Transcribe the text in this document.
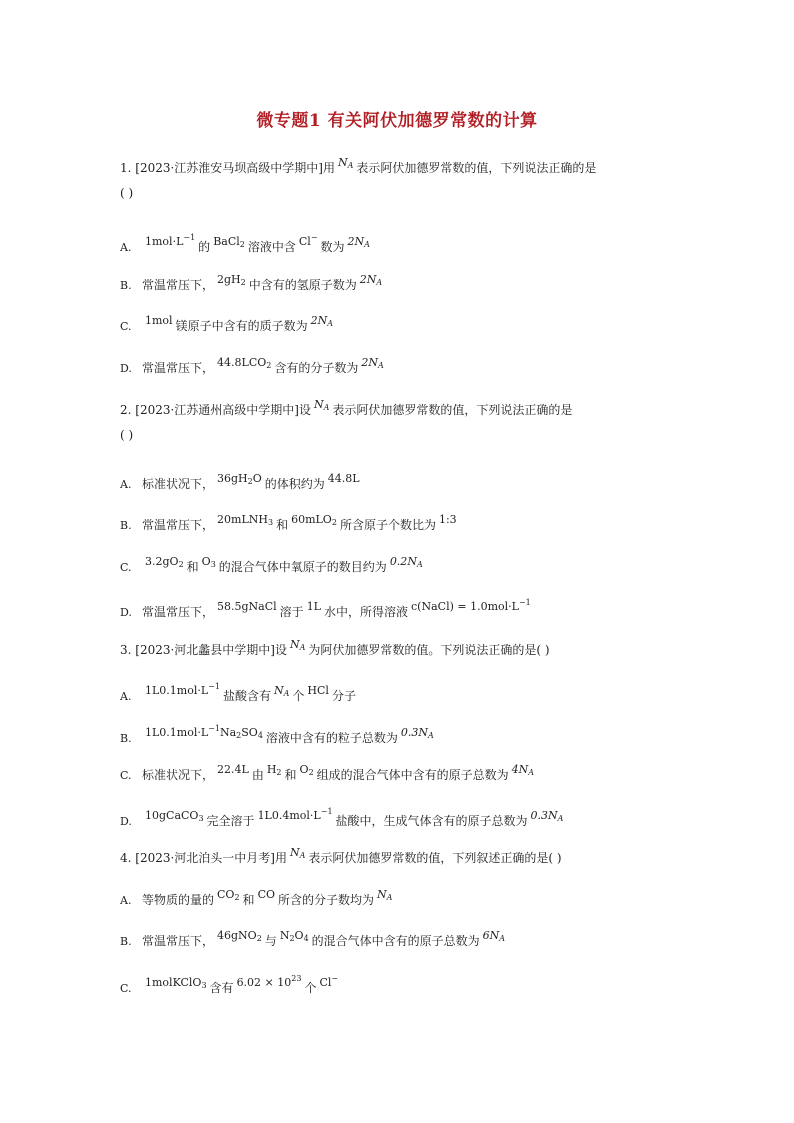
微专题1 有关阿伏加德罗常数的计算
1. [2023·江苏淮安马坝高级中学期中]用 $N_A$ 表示阿伏加德罗常数的值，下列说法正确的是
( )
A. $1mol\cdot L^{-1}$的 BaCl$_2$ 溶液中含 Cl−数为 $2N_A$
B. 常温常压下， $2gH_2$ 中含有的氢原子数为 $2N_A$
C. 1mol 镁原子中含有的质子数为 $2N_A$
D. 常温常压下， $44.8LCO_2$ 含有的分子数为 $2N_A$
2. [2023·江苏通州高级中学期中]设 $N_A$ 表示阿伏加德罗常数的值，下列说法正确的是
( )
A. 标准状况下， $36gH_2O$ 的体积约为 44.8L
B. 常温常压下， 20mLNH$_3$ 和 60mLO$_2$ 所含原子个数比为 1:3
C. $3.2gO_2$ 和 $O_3$ 的混合气体中氧原子的数目约为 $0.2N_A$
D. 常温常压下， 58.5gNaCl 溶于 1L 水中，所得溶液 c(NaCl) = $1.0mol\cdot L^{-1}$
3. [2023·河北蠡县中学期中]设 $N_A$ 为阿伏加德罗常数的值。下列说法正确的是( )
A. $1L0.1mol\cdot L^{-1}$盐酸含有 $N_A$ 个 HCl 分子
B. $1L0.1mol\cdot L^{-1}Na_2SO_4$ 溶液中含有的粒子总数为 $0.3N_A$
C. 标准状况下， 22.4L 由 $H_2$ 和 $O_2$ 组成的混合气体中含有的原子总数为 $4N_A$
D. 10gCaCO$_3$ 完全溶于 $1L0.4mol\cdot L^{-1}$盐酸中，生成气体含有的原子总数为 $0.3N_A$
4. [2023·河北泊头一中月考]用 $N_A$ 表示阿伏加德罗常数的值，下列叙述正确的是( )
A. 等物质的量的 $CO_2$ 和 CO 所含的分子数均为 $N_A$
B. 常温常压下， 46gNO$_2$ 与 $N_2O_4$ 的混合气体中含有的原子总数为 $6N_A$
C. 1molKClO$_3$ 含有 $6.02 \times 10^{23}$个 Cl−
